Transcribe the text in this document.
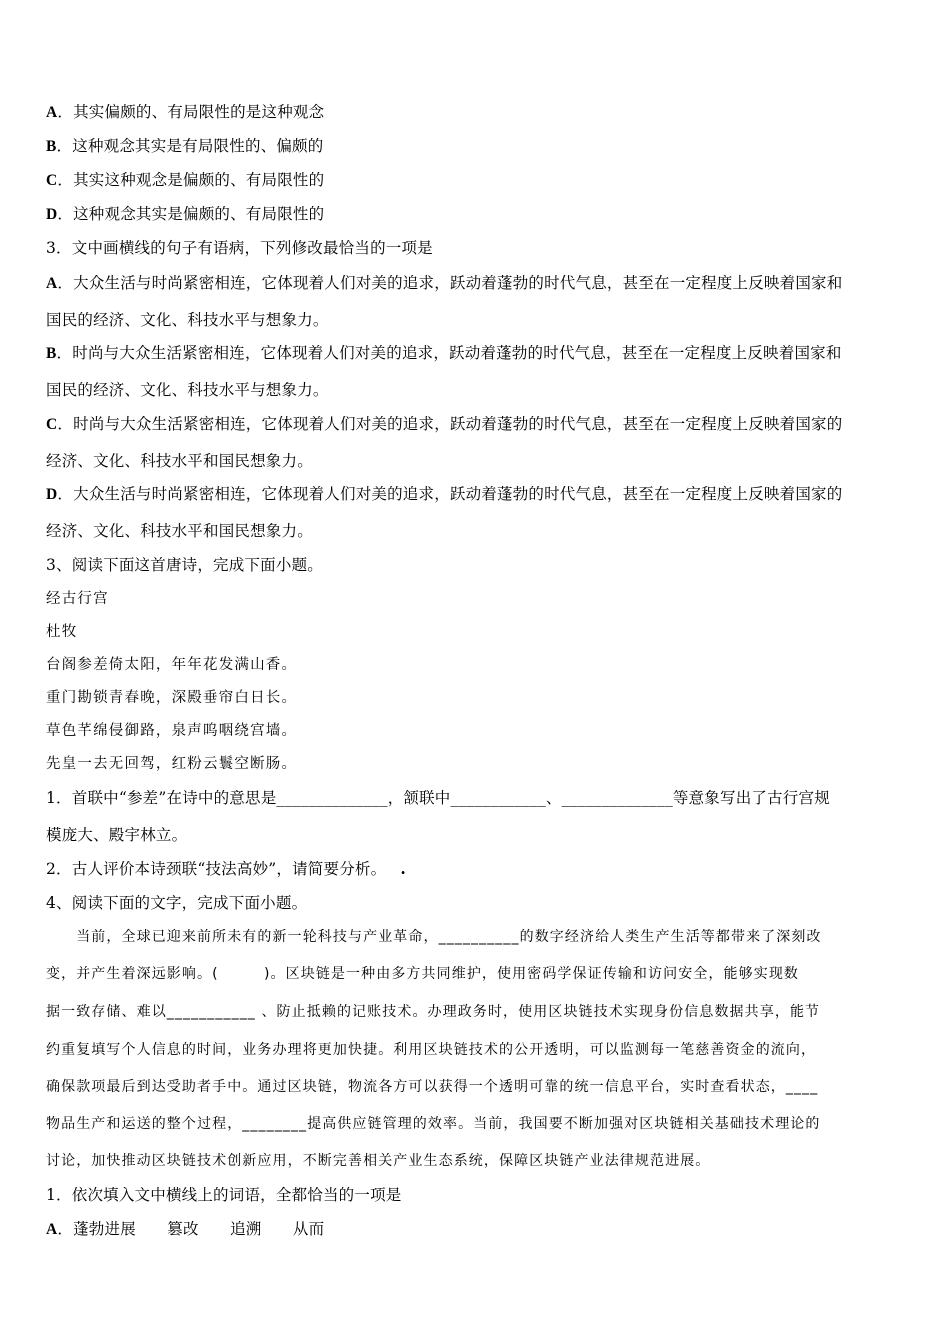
A．其实偏颇的、有局限性的是这种观念
B．这种观念其实是有局限性的、偏颇的
C．其实这种观念是偏颇的、有局限性的
D．这种观念其实是偏颇的、有局限性的
3．文中画横线的句子有语病，下列修改最恰当的一项是
A．大众生活与时尚紧密相连，它体现着人们对美的追求，跃动着蓬勃的时代气息，甚至在一定程度上反映着国家和
国民的经济、文化、科技水平与想象力。
B．时尚与大众生活紧密相连，它体现着人们对美的追求，跃动着蓬勃的时代气息，甚至在一定程度上反映着国家和
国民的经济、文化、科技水平与想象力。
C．时尚与大众生活紧密相连，它体现着人们对美的追求，跃动着蓬勃的时代气息，甚至在一定程度上反映着国家的
经济、文化、科技水平和国民想象力。
D．大众生活与时尚紧密相连，它体现着人们对美的追求，跃动着蓬勃的时代气息，甚至在一定程度上反映着国家的
经济、文化、科技水平和国民想象力。
3、阅读下面这首唐诗，完成下面小题。
经古行宫
杜牧
台阁参差倚太阳，年年花发满山香。
重门勘锁青春晚，深殿垂帘白日长。
草色芊绵侵御路，泉声呜咽绕宫墙。
先皇一去无回驾，红粉云鬟空断肠。
1．首联中“参差”在诗中的意思是______________，颔联中____________、______________等意象写出了古行宫规
模庞大、殿宇林立。
2．古人评价本诗颈联“技法高妙”，请简要分析。 .
4、阅读下面的文字，完成下面小题。
　　当前，全球已迎来前所未有的新一轮科技与产业革命，__________的数字经济给人类生产生活等都带来了深刻改
变，并产生着深远影响。(　　　)。区块链是一种由多方共同维护，使用密码学保证传输和访问安全，能够实现数
据一致存储、难以___________ 、防止抵赖的记账技术。办理政务时，使用区块链技术实现身份信息数据共享，能节
约重复填写个人信息的时间，业务办理将更加快捷。利用区块链技术的公开透明，可以监测每一笔慈善资金的流向，
确保款项最后到达受助者手中。通过区块链，物流各方可以获得一个透明可靠的统一信息平台，实时查看状态，____
物品生产和运送的整个过程，________提高供应链管理的效率。当前，我国要不断加强对区块链相关基础技术理论的
讨论，加快推动区块链技术创新应用，不断完善相关产业生态系统，保障区块链产业法律规范进展。
1．依次填入文中横线上的词语，全都恰当的一项是
A．蓬勃进展　　篡改　　追溯　　从而
